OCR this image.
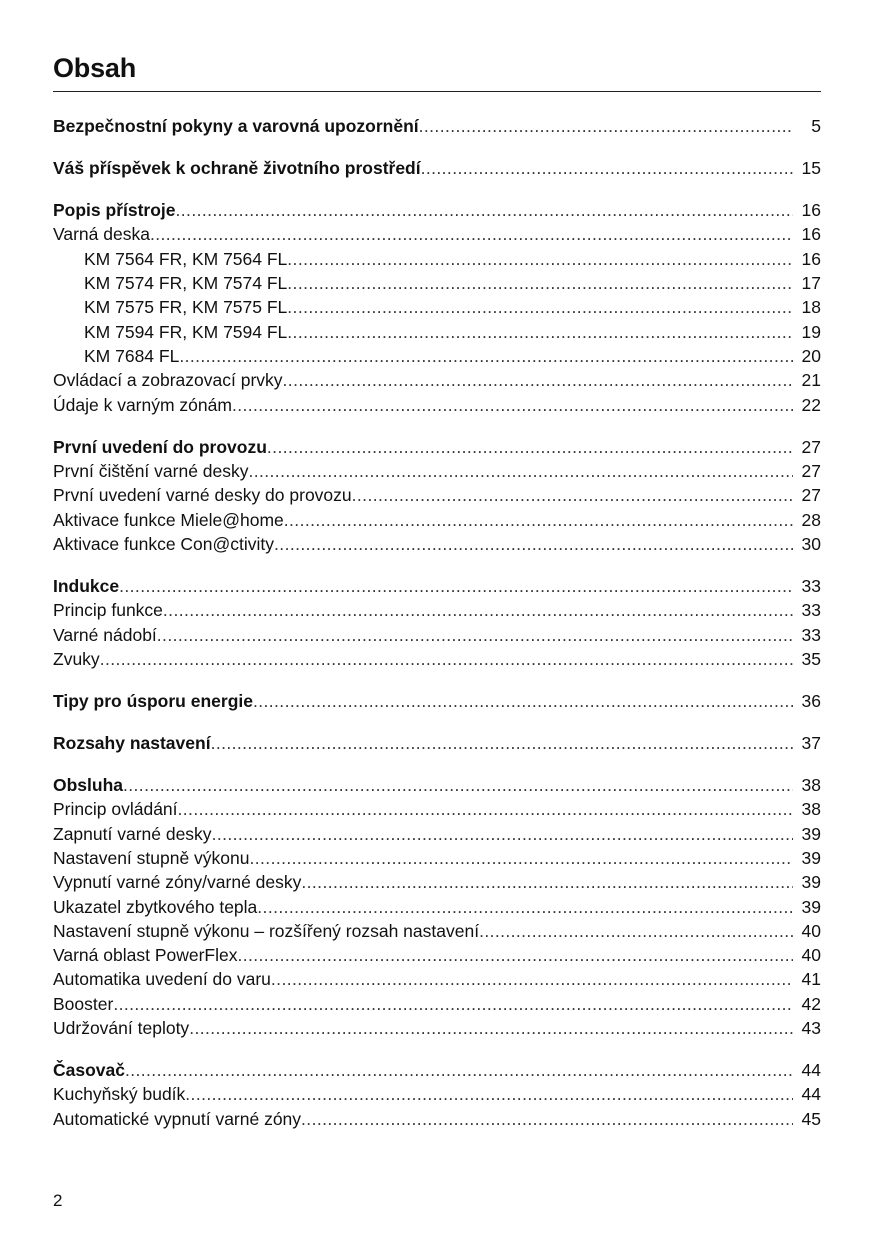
Obsah
Bezpečnostní pokyny a varovná upozornění .....	5
Váš příspěvek k ochraně životního prostředí .....	15
Popis přístroje .....	16
Varná deska .....	16
KM 7564 FR, KM 7564 FL .....	16
KM 7574 FR, KM 7574 FL .....	17
KM 7575 FR, KM 7575 FL .....	18
KM 7594 FR, KM 7594 FL .....	19
KM 7684 FL .....	20
Ovládací a zobrazovací prvky .....	21
Údaje k varným zónám .....	22
První uvedení do provozu .....	27
První čištění varné desky .....	27
První uvedení varné desky do provozu .....	27
Aktivace funkce Miele@home .....	28
Aktivace funkce Con@ctivity .....	30
Indukce .....	33
Princip funkce .....	33
Varné nádobí .....	33
Zvuky .....	35
Tipy pro úsporu energie .....	36
Rozsahy nastavení .....	37
Obsluha .....	38
Princip ovládání .....	38
Zapnutí varné desky .....	39
Nastavení stupně výkonu .....	39
Vypnutí varné zóny/varné desky .....	39
Ukazatel zbytkového tepla .....	39
Nastavení stupně výkonu – rozšířený rozsah nastavení .....	40
Varná oblast PowerFlex .....	40
Automatika uvedení do varu .....	41
Booster .....	42
Udržování teploty .....	43
Časovač .....	44
Kuchyňský budík .....	44
Automatické vypnutí varné zóny .....	45
2
